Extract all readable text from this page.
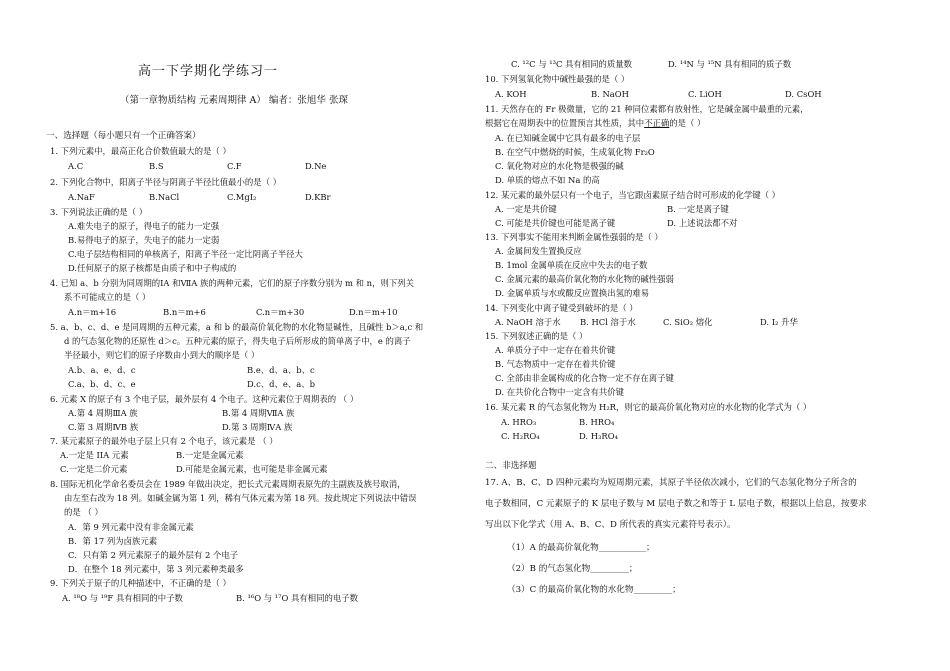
高一下学期化学练习一
（第一章物质结构 元素周期律 A） 编者：张旭华 张琛
一、选择题（每小题只有一个正确答案）
1. 下列元素中，最高正化合价数值最大的是（ ）
A.C	B.S	C.F	D.Ne
2. 下列化合物中，阳离子半径与阴离子半径比值最小的是（ ）
A.NaF	B.NaCl	C.MgI₂	D.KBr
3. 下列说法正确的是（ ）
A.难失电子的原子，得电子的能力一定强
B.易得电子的原子，失电子的能力一定弱
C.电子层结构相同的单核离子，阳离子半径一定比阴离子半径大
D.任何原子的原子核都是由质子和中子构成的
4. 已知 a、b 分别为同周期的ⅠA 和ⅦA 族的两种元素，它们的原子序数分别为 m 和 n，则下列关
系不可能成立的是（ ）
A.n＝m+16	B.n＝m+6	C.n＝m+30	D.n＝m+10
5. a、b、c、d、e 是同周期的五种元素，a 和 b 的最高价氧化物的水化物显碱性，且碱性 b＞a,c 和
d 的气态氢化物的还原性 d＞c。五种元素的原子，得失电子后所形成的简单离子中，e 的离子
半径最小，则它们的原子序数由小到大的顺序是（ ）
A.b、a、e、d、c	B.e、d、a、b、c
C.a、b、d、c、e	D.c、d、e、a、b
6. 元素 X 的原子有 3 个电子层，最外层有 4 个电子。这种元素位于周期表的 （ ）
A.第 4 周期ⅢA 族	B.第 4 周期ⅦA 族
C.第 3 周期ⅣB 族	D.第 3 周期ⅣA 族
7. 某元素原子的最外电子层上只有 2 个电子，该元素是 （ ）
A.一定是 IIA 元素	B.一定是金属元素
C.一定是二价元素	D.可能是金属元素，也可能是非金属元素
8. 国际无机化学命名委员会在 1989 年做出决定，把长式元素周期表原先的主副族及族号取消，
由左至右改为 18 列。如碱金属为第 1 列，稀有气体元素为第 18 列。按此规定下列说法中错误
的是 （ ）
A．第 9 列元素中没有非金属元素
B．第 17 列为卤族元素
C．只有第 2 列元素原子的最外层有 2 个电子
D．在整个 18 列元素中，第 3 列元素种类最多
9. 下列关于原子的几种描述中，不正确的是（ ）
A. ¹⁸O 与 ¹⁹F 具有相同的中子数	B. ¹⁶O 与 ¹⁷O 具有相同的电子数
C. ¹²C 与 ¹³C 具有相同的质量数	D. ¹⁴N 与 ¹⁵N 具有相同的质子数
10. 下列氢氧化物中碱性最强的是（ ）
A. KOH	B. NaOH	C. LiOH	D. CsOH
11. 天然存在的 Fr 极微量，它的 21 种同位素都有放射性，它是碱金属中最重的元素，
根据它在周期表中的位置预言其性质，其中不正确的是（ ）
A. 在已知碱金属中它具有最多的电子层
B. 在空气中燃烧的时候，生成氧化物 Fr₂O
C. 氧化物对应的水化物是极强的碱
D. 单质的熔点不如 Na 的高
12. 某元素的最外层只有一个电子，当它跟卤素原子结合时可形成的化学键（ ）
A. 一定是共价键	B. 一定是离子键
C. 可能是共价键也可能是离子键	D. 上述说法都不对
13. 下列事实不能用来判断金属性强弱的是（ ）
A. 金属间发生置换反应
B. 1mol 金属单质在反应中失去的电子数
C. 金属元素的最高价氧化物的水化物的碱性强弱
D. 金属单质与水或酸反应置换出氢的难易
14. 下列变化中离子键受到破坏的是（ ）
A. NaOH 溶于水 B. HCl 溶于水	C. SiO₂ 熔化	D. I₂ 升华
15. 下列叙述正确的是（ ）
A. 单质分子中一定存在着共价键
B. 气态物质中一定存在着共价键
C. 全部由非金属构成的化合物一定不存在离子键
D. 在共价化合物中一定含有共价键
16. 某元素 R 的气态氢化物为 H₂R，则它的最高价氧化物对应的水化物的化学式为（ ）
A. HRO₃	B. HRO₄
C. H₂RO₄	D. H₃RO₄
二、非选择题
17. A、B、C、D 四种元素均为短周期元素，其原子半径依次减小，它们的气态氢化物分子所含的
电子数相同，C 元素原子的 K 层电子数与 M 层电子数之和等于 L 层电子数，根据以上信息，按要求
写出以下化学式（用 A、B、C、D 所代表的真实元素符号表示）。
（1）A 的最高价氧化物___________；
（2）B 的气态氢化物_________；
（3）C 的最高价氧化物的水化物_________；
